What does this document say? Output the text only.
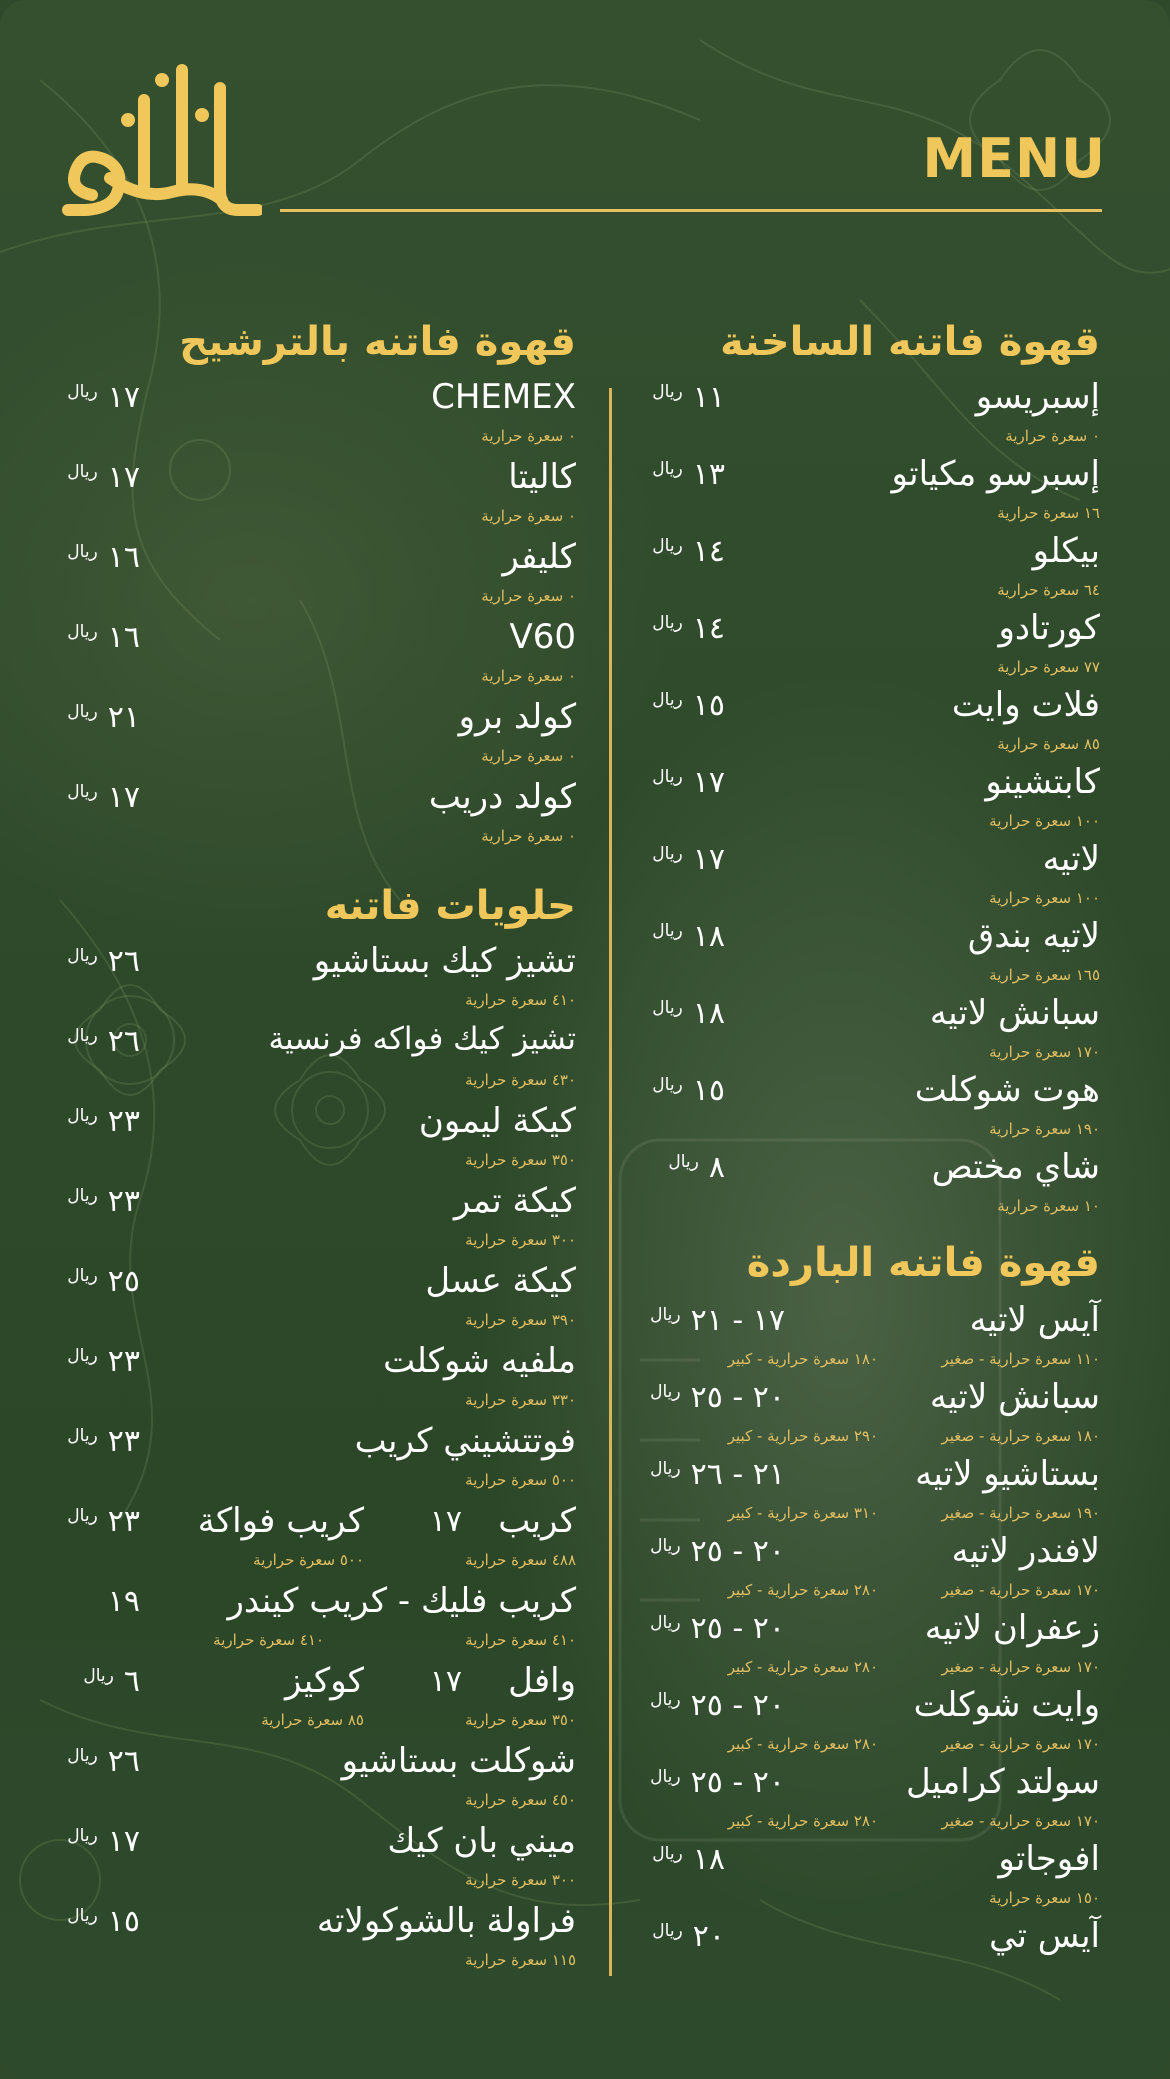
MENU
قهوة فاتنه الساخنة
قهوة فاتنه بالترشيح
حلويات فاتنه
قهوة فاتنه الباردة
إسبريسو
٠ سعرة حرارية
$١١^{ريال}$
إسبرسو مكياتو
١٦ سعرة حرارية
$١٣^{ريال}$
بيكلو
٦٤ سعرة حرارية
$١٤^{ريال}$
كورتادو
٧٧ سعرة حرارية
$١٤^{ريال}$
فلات وايت
٨٥ سعرة حرارية
$١٥^{ريال}$
كابتشينو
١٠٠ سعرة حرارية
$١٧^{ريال}$
لاتيه
١٠٠ سعرة حرارية
$١٧^{ريال}$
لاتيه بندق
١٦٥ سعرة حرارية
$١٨^{ريال}$
سبانش لاتيه
١٧٠ سعرة حرارية
$١٨^{ريال}$
هوت شوكلت
١٩٠ سعرة حرارية
$١٥^{ريال}$
شاي مختص
١٠ سعرة حرارية
$٨^{ريال}$
آيس لاتيه
١٧ - $٢١^{ريال}$
١١٠ سعرة حرارية - صغير
١٨٠ سعرة حرارية - كبير
سبانش لاتيه
٢٠ - $٢٥^{ريال}$
١٨٠ سعرة حرارية - صغير
٢٩٠ سعرة حرارية - كبير
بستاشيو لاتيه
٢١ - $٢٦^{ريال}$
١٩٠ سعرة حرارية - صغير
٣١٠ سعرة حرارية - كبير
لافندر لاتيه
٢٠ - $٢٥^{ريال}$
١٧٠ سعرة حرارية - صغير
٢٨٠ سعرة حرارية - كبير
زعفران لاتيه
٢٠ - $٢٥^{ريال}$
١٧٠ سعرة حرارية - صغير
٢٨٠ سعرة حرارية - كبير
وايت شوكلت
٢٠ - $٢٥^{ريال}$
١٧٠ سعرة حرارية - صغير
٢٨٠ سعرة حرارية - كبير
سولتد كراميل
٢٠ - $٢٥^{ريال}$
١٧٠ سعرة حرارية - صغير
٢٨٠ سعرة حرارية - كبير
افوجاتو
١٥٠ سعرة حرارية
$١٨^{ريال}$
آيس تي
$٢٠^{ريال}$
CHEMEX
٠ سعرة حرارية
$١٧^{ريال}$
كاليتا
٠ سعرة حرارية
$١٧^{ريال}$
كليفر
٠ سعرة حرارية
$١٦^{ريال}$
V60
٠ سعرة حرارية
$١٦^{ريال}$
كولد برو
٠ سعرة حرارية
$٢١^{ريال}$
كولد دريب
٠ سعرة حرارية
$١٧^{ريال}$
تشيز كيك بستاشيو
٤١٠ سعرة حرارية
$٢٦^{ريال}$
تشيز كيك فواكه فرنسية
٤٣٠ سعرة حرارية
$٢٦^{ريال}$
كيكة ليمون
٣٥٠ سعرة حرارية
$٢٣^{ريال}$
كيكة تمر
٣٠٠ سعرة حرارية
$٢٣^{ريال}$
كيكة عسل
٣٩٠ سعرة حرارية
$٢٥^{ريال}$
ملفيه شوكلت
٣٣٠ سعرة حرارية
$٢٣^{ريال}$
فوتتشيني كريب
٥٠٠ سعرة حرارية
$٢٣^{ريال}$
كريب
١٧
كريب فواكة
$٢٣^{ريال}$
٤٨٨ سعرة حرارية
٥٠٠ سعرة حرارية
كريب فليك - كريب كيندر
١٩
٤١٠ سعرة حرارية
٤١٠ سعرة حرارية
وافل
١٧
كوكيز
$٦^{ريال}$
٣٥٠ سعرة حرارية
٨٥ سعرة حرارية
شوكلت بستاشيو
٤٥٠ سعرة حرارية
$٢٦^{ريال}$
ميني بان كيك
٣٠٠ سعرة حرارية
$١٧^{ريال}$
فراولة بالشوكولاته
١١٥ سعرة حرارية
$١٥^{ريال}$
